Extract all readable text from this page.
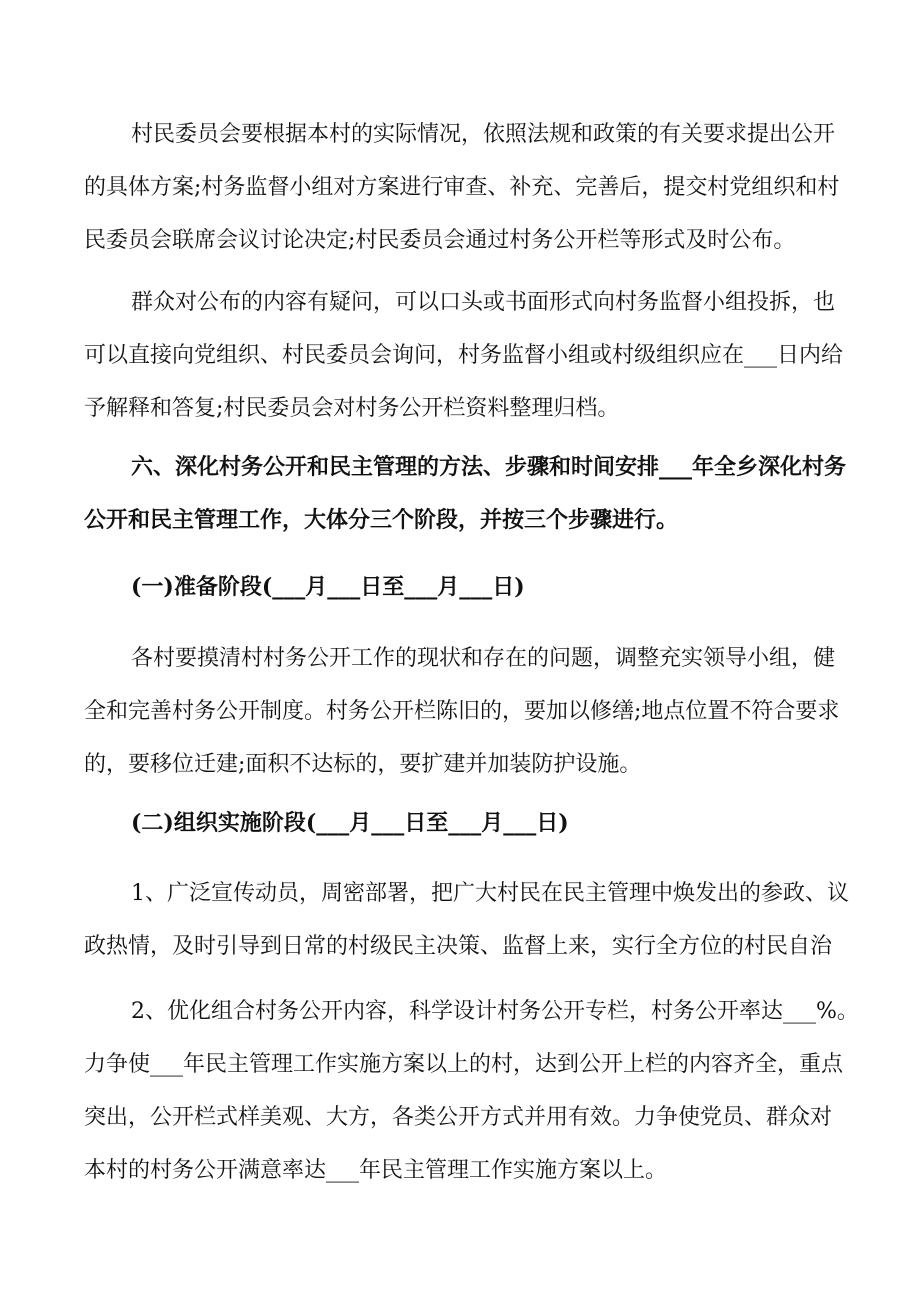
村民委员会要根据本村的实际情况，依照法规和政策的有关要求提出公开
的具体方案;村务监督小组对方案进行审查、补充、完善后，提交村党组织和村
民委员会联席会议讨论决定;村民委员会通过村务公开栏等形式及时公布。
群众对公布的内容有疑问，可以口头或书面形式向村务监督小组投拆，也
可以直接向党组织、村民委员会询问，村务监督小组或村级组织应在___日内给
予解释和答复;村民委员会对村务公开栏资料整理归档。
六、深化村务公开和民主管理的方法、步骤和时间安排___年全乡深化村务
公开和民主管理工作，大体分三个阶段，并按三个步骤进行。
(一)准备阶段(___月___日至___月___日)
各村要摸清村村务公开工作的现状和存在的问题，调整充实领导小组，健
全和完善村务公开制度。村务公开栏陈旧的，要加以修缮;地点位置不符合要求
的，要移位迁建;面积不达标的，要扩建并加装防护设施。
(二)组织实施阶段(___月___日至___月___日)
1、广泛宣传动员，周密部署，把广大村民在民主管理中焕发出的参政、议
政热情，及时引导到日常的村级民主决策、监督上来，实行全方位的村民自治
2、优化组合村务公开内容，科学设计村务公开专栏，村务公开率达___%。
力争使___年民主管理工作实施方案以上的村，达到公开上栏的内容齐全，重点
突出，公开栏式样美观、大方，各类公开方式并用有效。力争使党员、群众对
本村的村务公开满意率达___年民主管理工作实施方案以上。
